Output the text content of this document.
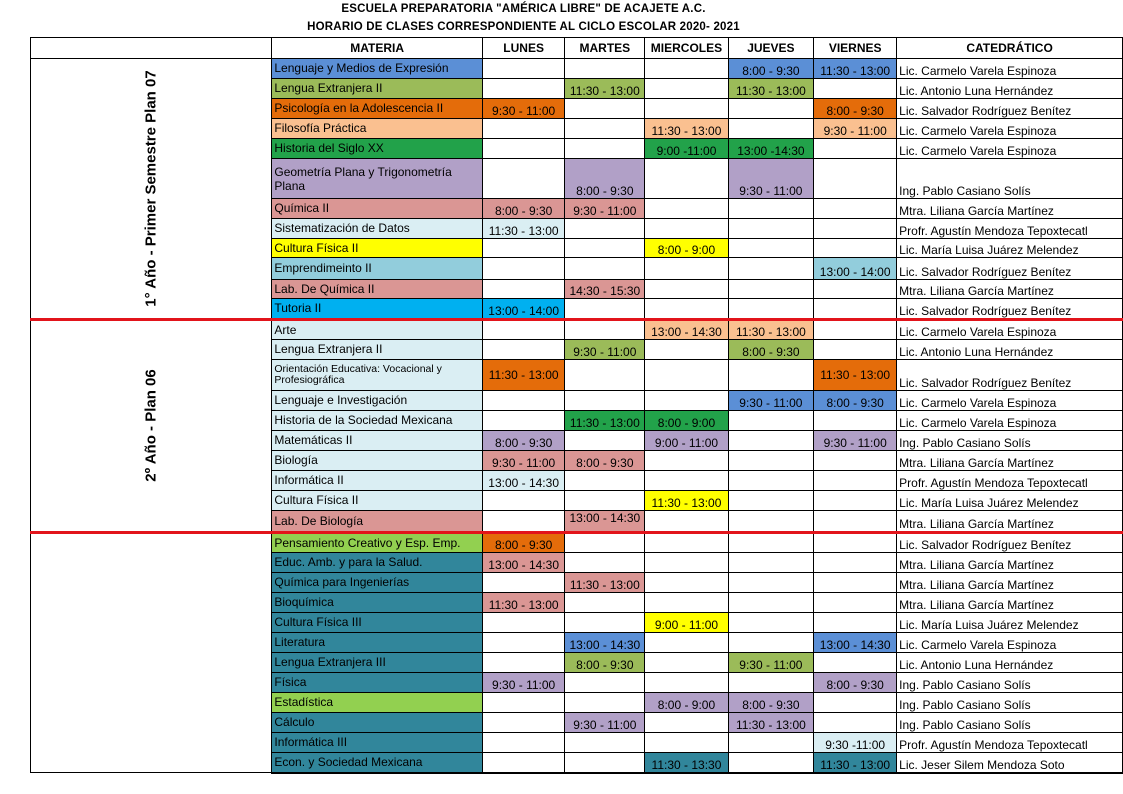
ESCUELA PREPARATORIA "AMÉRICA LIBRE" DE ACAJETE A.C.
HORARIO DE CLASES CORRESPONDIENTE AL CICLO ESCOLAR 2020- 2021
	MATERIA	LUNES	MARTES	MIERCOLES	JUEVES	VIERNES	CATEDRÁTICO
1° Año - Primer Semestre Plan 07	Lenguaje y Medios de Expresión				8:00 - 9:30	11:30 - 13:00	Lic. Carmelo Varela Espinoza
	Lengua Extranjera II		11:30 - 13:00		11:30 - 13:00		Lic. Antonio Luna Hernández
	Psicología en la Adolescencia II	9:30 - 11:00				8:00 - 9:30	Lic. Salvador Rodríguez Benítez
	Filosofía Práctica			11:30 - 13:00		9:30 - 11:00	Lic. Carmelo Varela Espinoza
	Historia del Siglo XX			9:00 -11:00	13:00 -14:30		Lic. Carmelo Varela Espinoza
	Geometría Plana y Trigonometría Plana		8:00 - 9:30		9:30 - 11:00		Ing. Pablo Casiano Solís
	Química II	8:00 - 9:30	9:30 - 11:00				Mtra. Liliana García Martínez
	Sistematización de Datos	11:30 - 13:00					Profr. Agustín Mendoza Tepoxtecatl
	Cultura Física II			8:00 - 9:00			Lic. María Luisa Juárez Melendez
	Emprendimeinto II					13:00 - 14:00	Lic. Salvador Rodríguez Benítez
	Lab. De Química II		14:30 - 15:30				Mtra. Liliana García Martínez
	Tutoria II	13:00 - 14:00					Lic. Salvador Rodríguez Benítez
2º Año - Plan 06	Arte			13:00 - 14:30	11:30 - 13:00		Lic. Carmelo Varela Espinoza
	Lengua Extranjera II		9:30 - 11:00		8:00 - 9:30		Lic. Antonio Luna Hernández
	Orientación Educativa: Vocacional y Profesiográfica	11:30 - 13:00				11:30 - 13:00	Lic. Salvador Rodríguez Benítez
	Lenguaje e Investigación				9:30 - 11:00	8:00 - 9:30	Lic. Carmelo Varela Espinoza
	Historia de la Sociedad Mexicana		11:30 - 13:00	8:00 - 9:00			Lic. Carmelo Varela Espinoza
	Matemáticas II	8:00 - 9:30		9:00 - 11:00		9:30 - 11:00	Ing. Pablo Casiano Solís
	Biología	9:30 - 11:00	8:00 - 9:30				Mtra. Liliana García Martínez
	Informática II	13:00 - 14:30					Profr. Agustín Mendoza Tepoxtecatl
	Cultura Física II			11:30 - 13:00			Lic. María Luisa Juárez Melendez
	Lab. De Biología		13:00 - 14:30				Mtra. Liliana García Martínez
	Pensamiento Creativo y Esp. Emp.	8:00 - 9:30					Lic. Salvador Rodríguez Benítez
	Educ. Amb. y para la Salud.	13:00 - 14:30					Mtra. Liliana García Martínez
	Química para Ingenierías		11:30 - 13:00				Mtra. Liliana García Martínez
	Bioquímica	11:30 - 13:00					Mtra. Liliana García Martínez
	Cultura Física III			9:00 - 11:00			Lic. María Luisa Juárez Melendez
	Literatura		13:00 - 14:30			13:00 - 14:30	Lic. Carmelo Varela Espinoza
	Lengua Extranjera III		8:00 - 9:30		9:30 - 11:00		Lic. Antonio Luna Hernández
	Física	9:30 - 11:00				8:00 - 9:30	Ing. Pablo Casiano Solís
	Estadística			8:00 - 9:00	8:00 - 9:30		Ing. Pablo Casiano Solís
	Cálculo		9:30 - 11:00		11:30 - 13:00		Ing. Pablo Casiano Solís
	Informática III					9:30 -11:00	Profr. Agustín Mendoza Tepoxtecatl
	Econ. y Sociedad Mexicana			11:30 - 13:30		11:30 - 13:00	Lic. Jeser Silem Mendoza Soto
